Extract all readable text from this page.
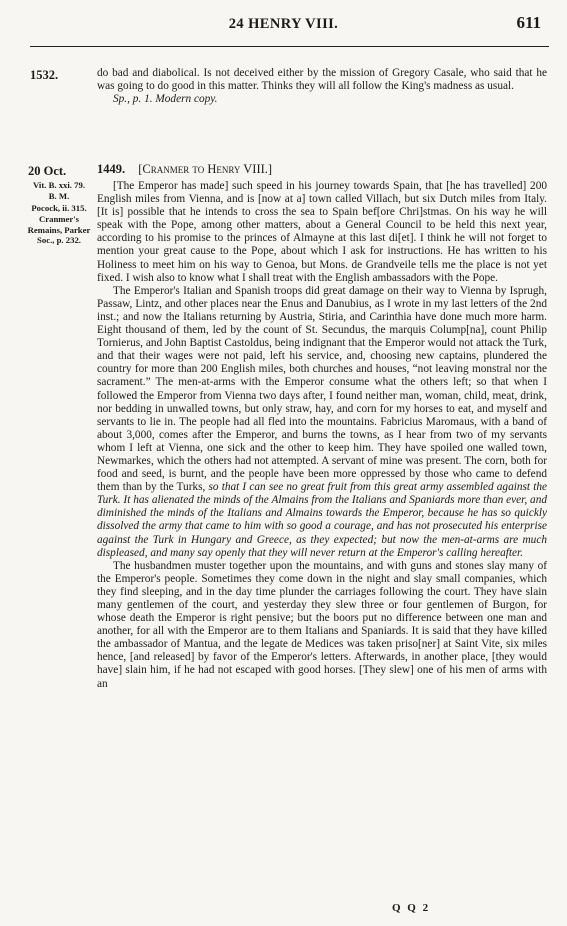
24 HENRY VIII.	611
1532.	do bad and diabolical. Is not deceived either by the mission of Gregory Casale, who said that he was going to do good in this matter. Thinks they will all follow the King's madness as usual.

Sp., p. 1. Modern copy.

20 Oct. 1449. [Cranmer to Henry VIII.]
Vit. B. xxi. 79.
B. M.
Pocock, ii. 315.
Cranmer's Remains, Parker Soc., p. 232.

[The Emperor has made] such speed in his journey towards Spain, that [he has travelled] 200 English miles from Vienna, and is [now at a] town called Villach, but six Dutch miles from Italy. [It is] possible that he intends to cross the sea to Spain bef[ore Chri]stmas. On his way he will speak with the Pope, among other matters, about a General Council to be held this next year, according to his promise to the princes of Almayne at this last di[et]. I think he will not forget to mention your great cause to the Pope, about which I ask for instructions. He has written to his Holiness to meet him on his way to Genoa, but Mons. de Grandveile tells me the place is not yet fixed. I wish also to know what I shall treat with the English ambassadors with the Pope.

The Emperor's Italian and Spanish troops did great damage on their way to Vienna by Isprugh, Passaw, Lintz, and other places near the Enus and Danubius, as I wrote in my last letters of the 2nd inst.; and now the Italians returning by Austria, Stiria, and Carinthia have done much more harm. Eight thousand of them, led by the count of St. Secundus, the marquis Colump[na], count Philip Tornierus, and John Baptist Castoldus, being indignant that the Emperor would not attack the Turk, and that their wages were not paid, left his service, and, choosing new captains, plundered the country for more than 200 English miles, both churches and houses, “not leaving monstral nor the sacrament.” The men-at-arms with the Emperor consume what the others left; so that when I followed the Emperor from Vienna two days after, I found neither man, woman, child, meat, drink, nor bedding in unwalled towns, but only straw, hay, and corn for my horses to eat, and myself and servants to lie in. The people had all fled into the mountains. Fabricius Maromaus, with a band of about 3,000, comes after the Emperor, and burns the towns, as I hear from two of my servants whom I left at Vienna, one sick and the other to keep him. They have spoiled one walled town, Newmarkes, which the others had not attempted. A servant of mine was present. The corn, both for food and seed, is burnt, and the people have been more oppressed by those who came to defend them than by the Turks, so that I can see no great fruit from this great army assembled against the Turk. It has alienated the minds of the Almains from the Italians and Spaniards more than ever, and diminished the minds of the Italians and Almains towards the Emperor, because he has so quickly dissolved the army that came to him with so good a courage, and has not prosecuted his enterprise against the Turk in Hungary and Greece, as they expected; but now the men-at-arms are much displeased, and many say openly that they will never return at the Emperor's calling hereafter.

The husbandmen muster together upon the mountains, and with guns and stones slay many of the Emperor's people. Sometimes they come down in the night and slay small companies, which they find sleeping, and in the day time plunder the carriages following the court. They have slain many gentlemen of the court, and yesterday they slew three or four gentlemen of Burgon, for whose death the Emperor is right pensive; but the boors put no difference between one man and another, for all with the Emperor are to them Italians and Spaniards. It is said that they have killed the ambassador of Mantua, and the legate de Medices was taken priso[ner] at Saint Vite, six miles hence, [and released] by favor of the Emperor's letters. Afterwards, in another place, [they would have] slain him, if he had not escaped with good horses. [They slew] one of his men of arms with an

Q Q 2
